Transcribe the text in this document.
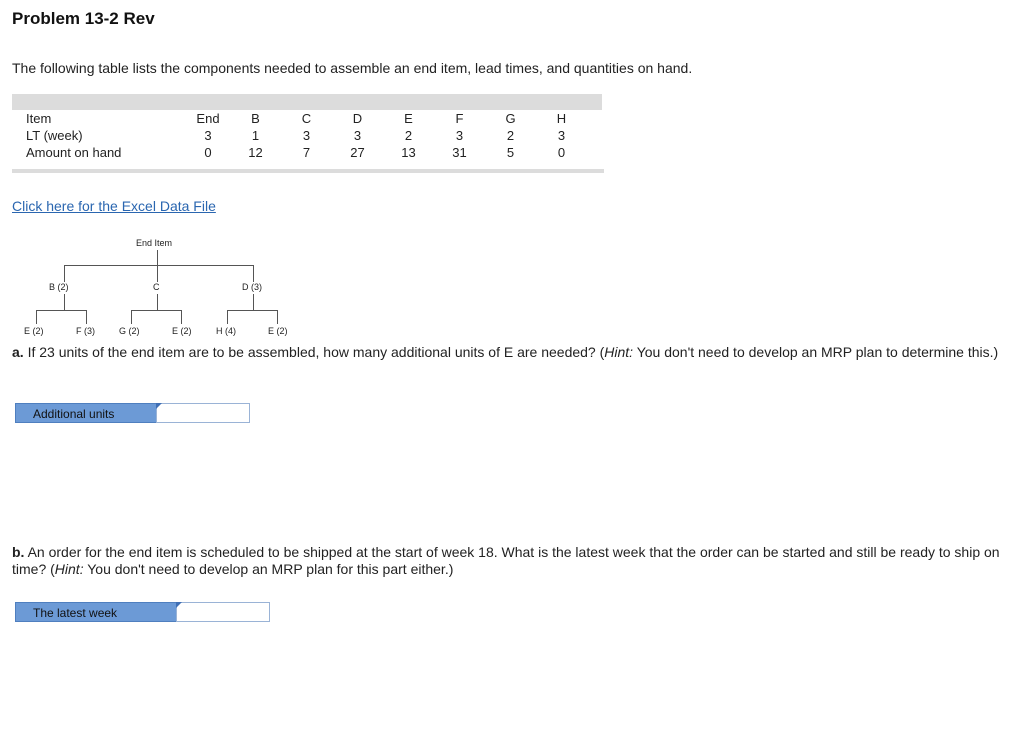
Problem 13-2 Rev
The following table lists the components needed to assemble an end item, lead times, and quantities on hand.
Item	End	B	C	D	E	F	G	H
LT (week)	3	1	3	3	2	3	2	3
Amount on hand	0	12	7	27	13	31	5	0
Click here for the Excel Data File
End Item
B (2)	C	D (3)
E (2)	F (3)	G (2)	E (2)	H (4)	E (2)
a. If 23 units of the end item are to be assembled, how many additional units of E are needed? (Hint: You don't need to develop an MRP plan to determine this.)
Additional units
b. An order for the end item is scheduled to be shipped at the start of week 18. What is the latest week that the order can be started and still be ready to ship on time? (Hint: You don't need to develop an MRP plan for this part either.)
The latest week
